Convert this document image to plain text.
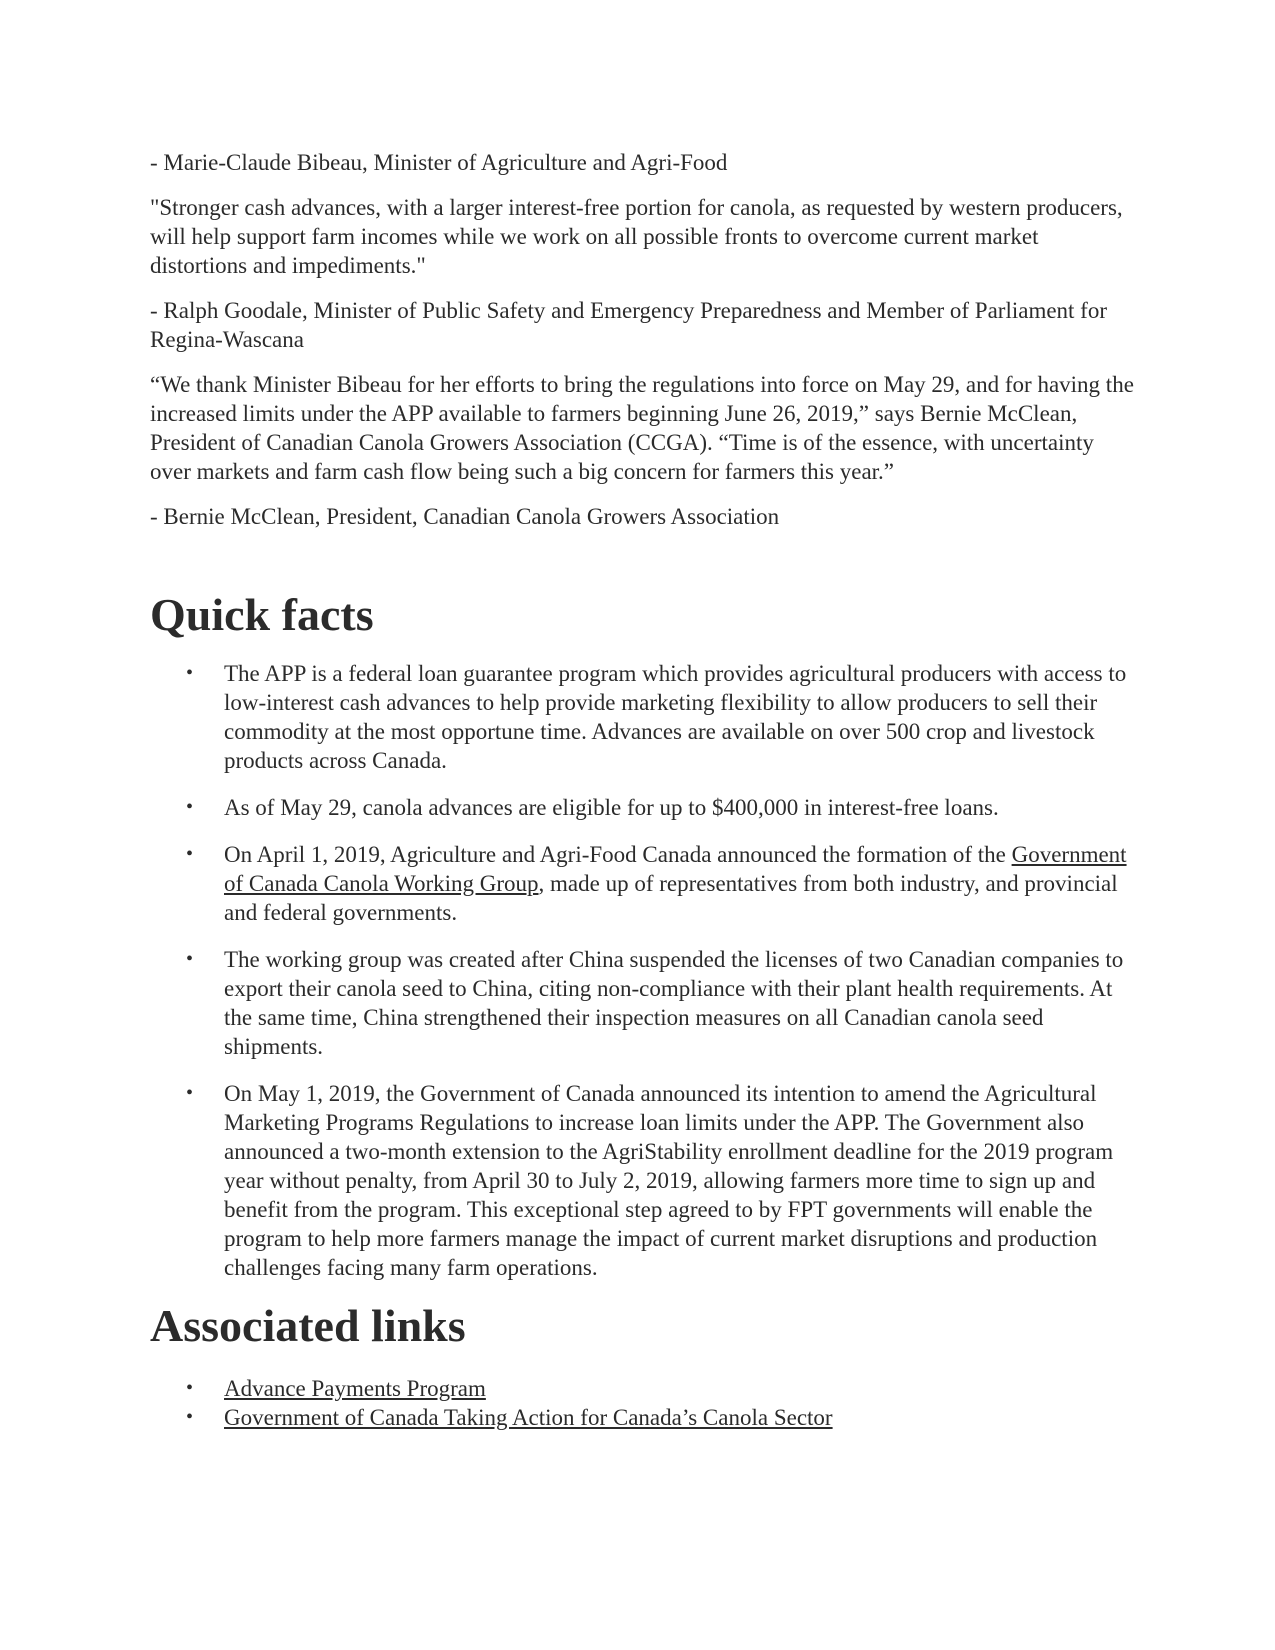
- Marie-Claude Bibeau, Minister of Agriculture and Agri-Food

"Stronger cash advances, with a larger interest-free portion for canola, as requested by western producers, will help support farm incomes while we work on all possible fronts to overcome current market distortions and impediments."

- Ralph Goodale, Minister of Public Safety and Emergency Preparedness and Member of Parliament for Regina-Wascana

“We thank Minister Bibeau for her efforts to bring the regulations into force on May 29, and for having the increased limits under the APP available to farmers beginning June 26, 2019,” says Bernie McClean, President of Canadian Canola Growers Association (CCGA). “Time is of the essence, with uncertainty over markets and farm cash flow being such a big concern for farmers this year.”

- Bernie McClean, President, Canadian Canola Growers Association

Quick facts
• The APP is a federal loan guarantee program which provides agricultural producers with access to low-interest cash advances to help provide marketing flexibility to allow producers to sell their commodity at the most opportune time. Advances are available on over 500 crop and livestock products across Canada.
• As of May 29, canola advances are eligible for up to $400,000 in interest-free loans.
• On April 1, 2019, Agriculture and Agri-Food Canada announced the formation of the Government of Canada Canola Working Group, made up of representatives from both industry, and provincial and federal governments.
• The working group was created after China suspended the licenses of two Canadian companies to export their canola seed to China, citing non-compliance with their plant health requirements. At the same time, China strengthened their inspection measures on all Canadian canola seed shipments.
• On May 1, 2019, the Government of Canada announced its intention to amend the Agricultural Marketing Programs Regulations to increase loan limits under the APP. The Government also announced a two-month extension to the AgriStability enrollment deadline for the 2019 program year without penalty, from April 30 to July 2, 2019, allowing farmers more time to sign up and benefit from the program. This exceptional step agreed to by FPT governments will enable the program to help more farmers manage the impact of current market disruptions and production challenges facing many farm operations.
Associated links
• Advance Payments Program
• Government of Canada Taking Action for Canada’s Canola Sector
